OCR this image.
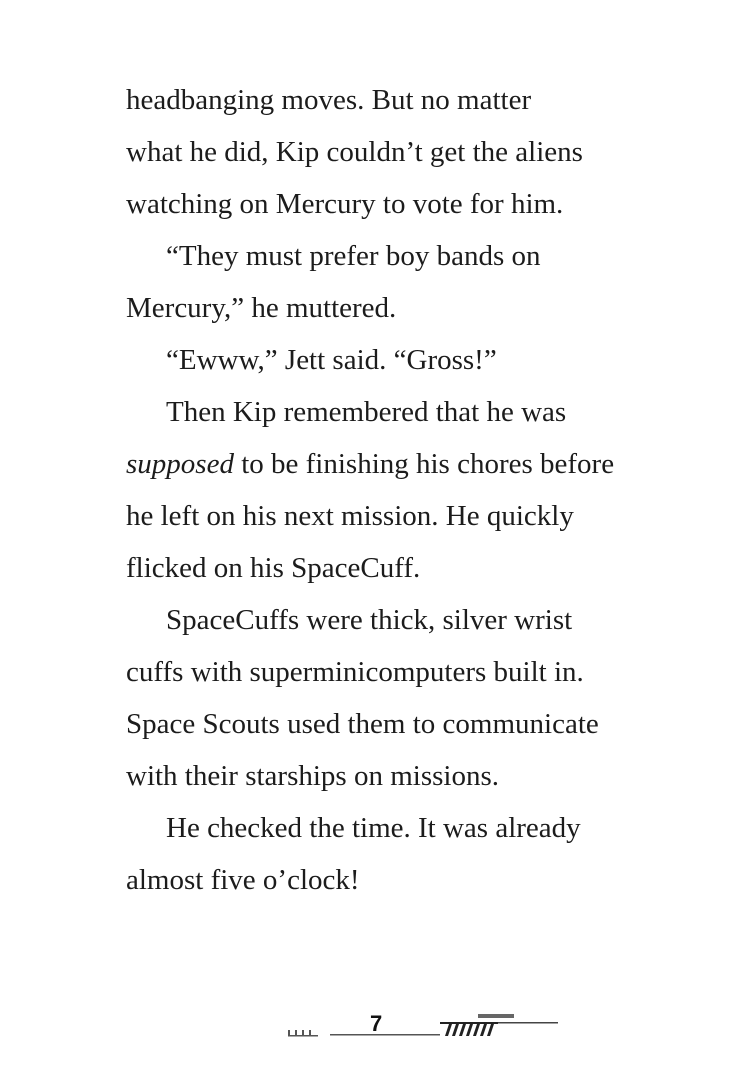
headbanging moves. But no matter
what he did, Kip couldn’t get the aliens
watching on Mercury to vote for him.
“They must prefer boy bands on
Mercury,” he muttered.
“Ewww,” Jett said. “Gross!”
Then Kip remembered that he was
supposed to be finishing his chores before
he left on his next mission. He quickly
flicked on his SpaceCuff.
SpaceCuffs were thick, silver wrist
cuffs with superminicomputers built in.
Space Scouts used them to communicate
with their starships on missions.
He checked the time. It was already
almost five o’clock!
7
